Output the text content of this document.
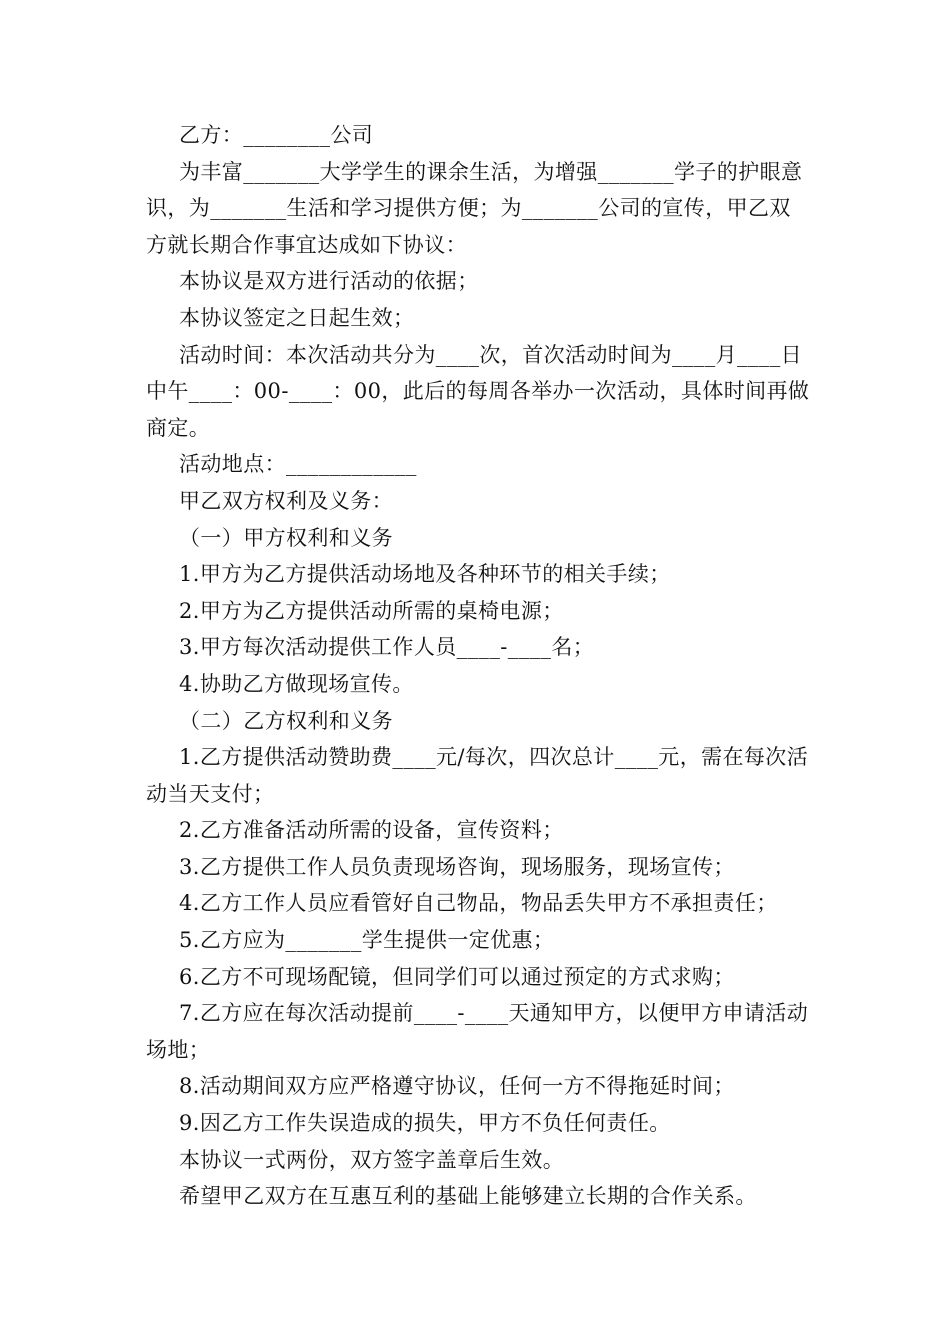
乙方：________公司

为丰富_______大学学生的课余生活，为增强_______学子的护眼意识，为_______生活和学习提供方便；为_______公司的宣传，甲乙双方就长期合作事宜达成如下协议：

本协议是双方进行活动的依据；

本协议签定之日起生效；

活动时间：本次活动共分为____次，首次活动时间为____月____日中午____：00-____：00，此后的每周各举办一次活动，具体时间再做商定。

活动地点：____________

甲乙双方权利及义务：

（一）甲方权利和义务

1.甲方为乙方提供活动场地及各种环节的相关手续；

2.甲方为乙方提供活动所需的桌椅电源；

3.甲方每次活动提供工作人员____-____名；

4.协助乙方做现场宣传。

（二）乙方权利和义务

1.乙方提供活动赞助费____元/每次，四次总计____元，需在每次活动当天支付；

2.乙方准备活动所需的设备，宣传资料；

3.乙方提供工作人员负责现场咨询，现场服务，现场宣传；

4.乙方工作人员应看管好自己物品，物品丢失甲方不承担责任；

5.乙方应为_______学生提供一定优惠；

6.乙方不可现场配镜，但同学们可以通过预定的方式求购；

7.乙方应在每次活动提前____-____天通知甲方，以便甲方申请活动场地；

8.活动期间双方应严格遵守协议，任何一方不得拖延时间；

9.因乙方工作失误造成的损失，甲方不负任何责任。

本协议一式两份，双方签字盖章后生效。

希望甲乙双方在互惠互利的基础上能够建立长期的合作关系。
